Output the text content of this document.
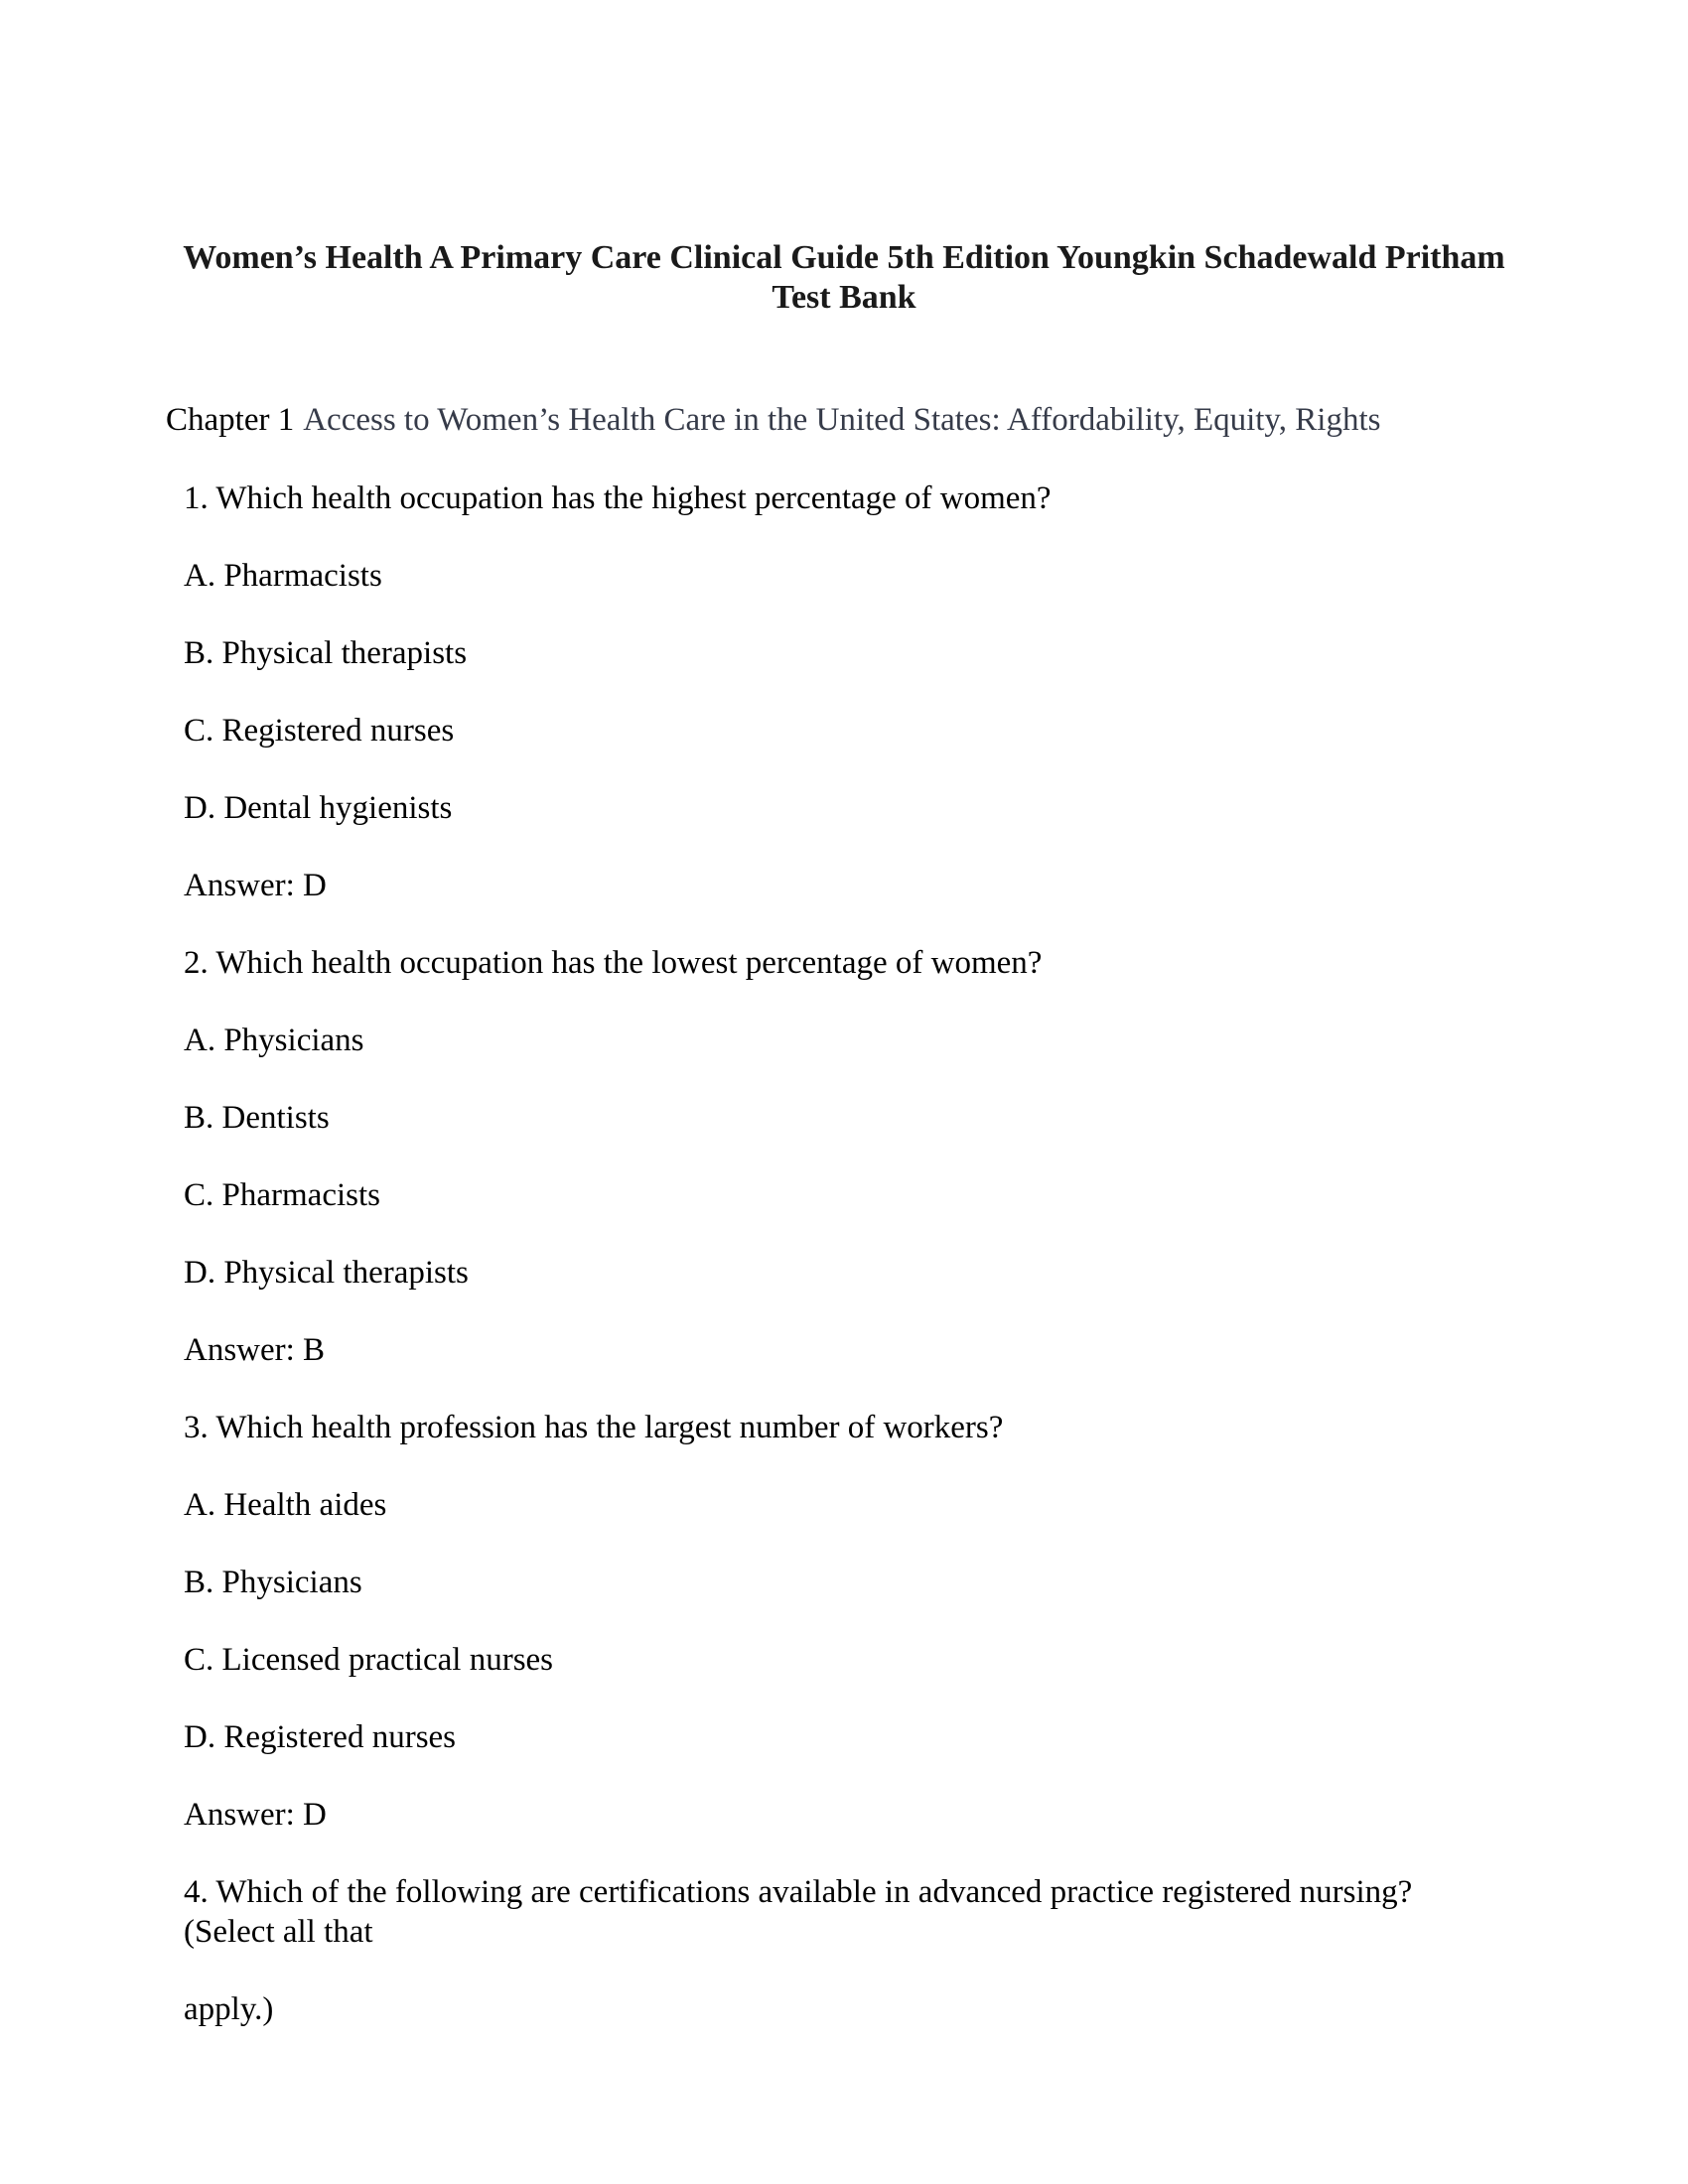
Women’s Health A Primary Care Clinical Guide 5th Edition Youngkin Schadewald Pritham
Test Bank
Chapter 1 Access to Women’s Health Care in the United States: Affordability, Equity, Rights

1. Which health occupation has the highest percentage of women?

A. Pharmacists

B. Physical therapists

C. Registered nurses

D. Dental hygienists

Answer: D

2. Which health occupation has the lowest percentage of women?

A. Physicians

B. Dentists

C. Pharmacists

D. Physical therapists

Answer: B

3. Which health profession has the largest number of workers?

A. Health aides

B. Physicians

C. Licensed practical nurses

D. Registered nurses

Answer: D

4. Which of the following are certifications available in advanced practice registered nursing?
(Select all that

apply.)
